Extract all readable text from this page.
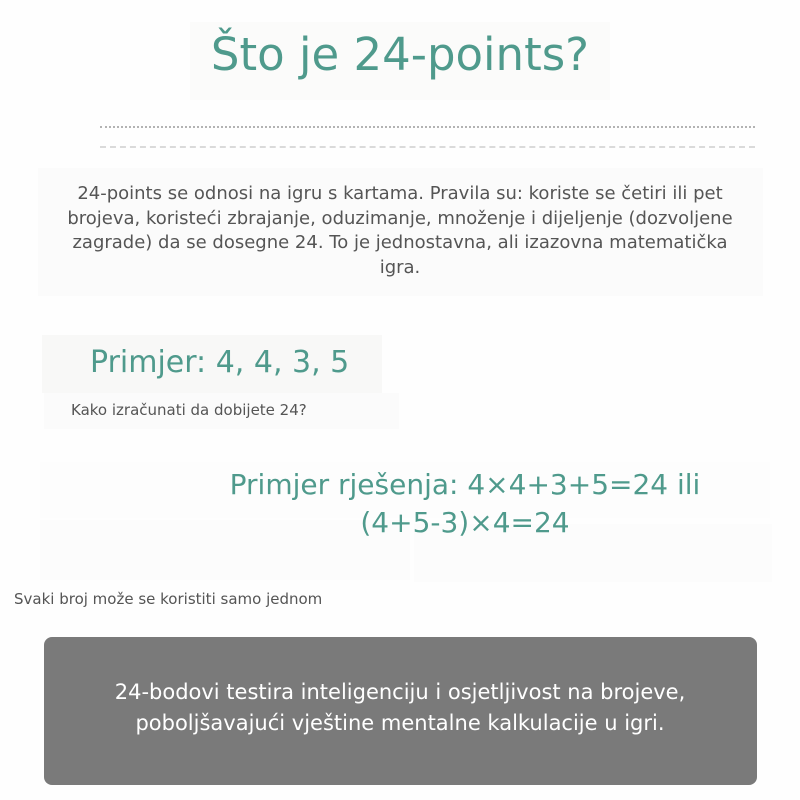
Što je 24-points?
24-points se odnosi na igru s kartama. Pravila su: koriste se četiri ili pet brojeva, koristeći zbrajanje, oduzimanje, množenje i dijeljenje (dozvoljene zagrade) da se dosegne 24. To je jednostavna, ali izazovna matematička igra.
Primjer: 4, 4, 3, 5
Kako izračunati da dobijete 24?
Primjer rješenja: 4×4+3+5=24 ili
(4+5-3)×4=24
Svaki broj može se koristiti samo jednom
24-bodovi testira inteligenciju i osjetljivost na brojeve,
poboljšavajući vještine mentalne kalkulacije u igri.
